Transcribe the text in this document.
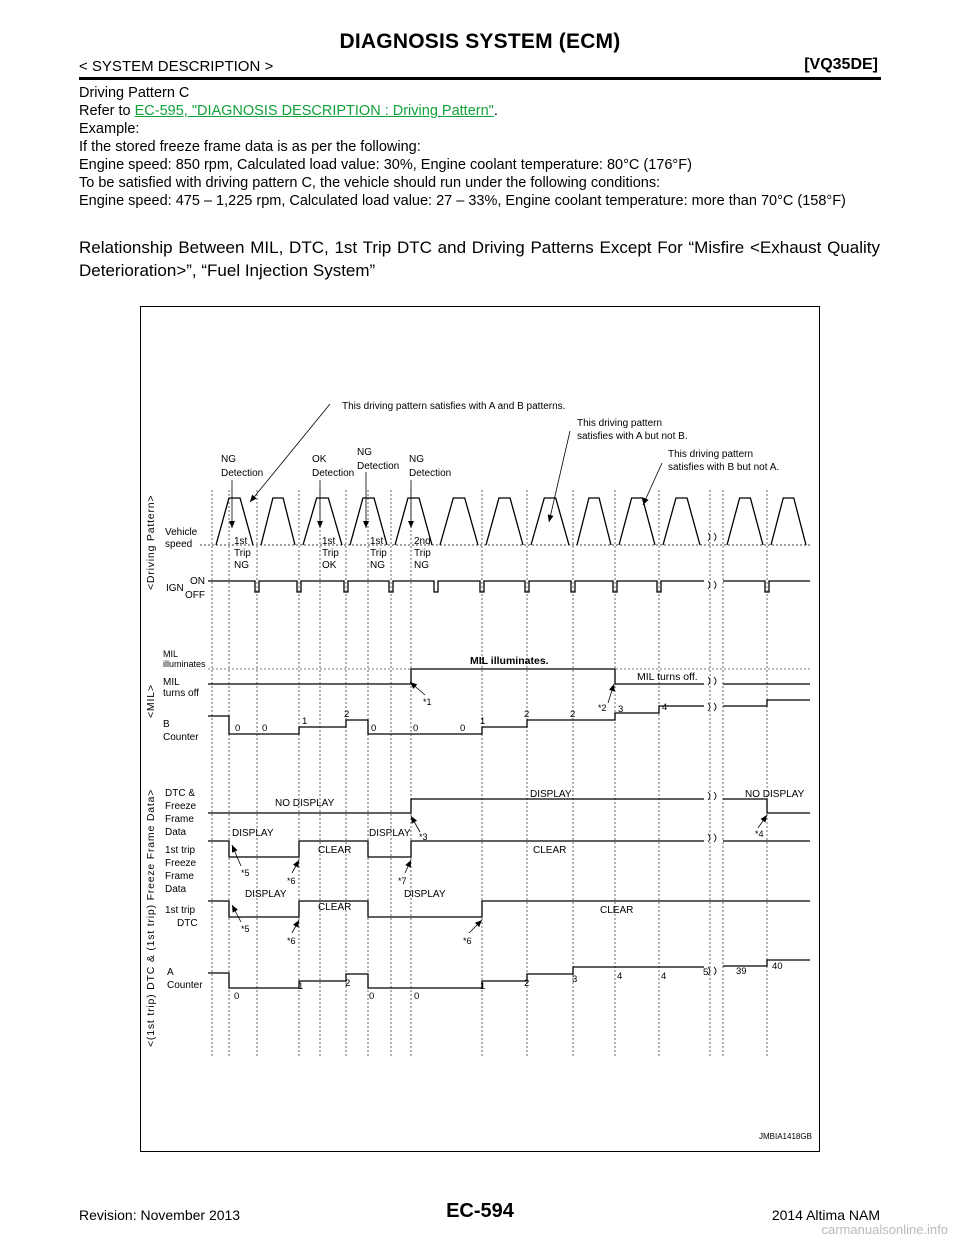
DIAGNOSIS SYSTEM (ECM)
< SYSTEM DESCRIPTION >	[VQ35DE]

Driving Pattern C

Refer to EC-595, "DIAGNOSIS DESCRIPTION : Driving Pattern".

Example:

If the stored freeze frame data is as per the following:

Engine speed: 850 rpm, Calculated load value: 30%, Engine coolant temperature: 80°C (176°F)

To be satisfied with driving pattern C, the vehicle should run under the following conditions:

Engine speed: 475 – 1,225 rpm, Calculated load value: 27 – 33%, Engine coolant temperature: more than 70°C (158°F)

Relationship Between MIL, DTC, 1st Trip DTC and Driving Patterns Except For “Misfire <Exhaust Quality Deterioration>”, “Fuel Injection System”
This driving pattern satisfies with A and B patterns.
This driving pattern
satisfies with A but not B.
This driving pattern
satisfies with B but not A.
NG
Detection
OK
Detection
NG
Detection
NG
Detection
<Driving Pattern>
<MIL>
<(1st trip) DTC & (1st trip) Freeze Frame Data>
Vehicle
speed
IGN
ON
OFF
1st
Trip
NG
1st
Trip
OK
1st
Trip
NG
2nd
Trip
NG
MIL
illuminates
MIL
turns off
MIL illuminates.
MIL turns off.
B
Counter
0 0
1
2
0	0	0
1
2	2	3	4
DTC &
Freeze
Frame
Data
NO DISPLAY
DISPLAY	NO DISPLAY
1st trip
Freeze
Frame
Data
DISPLAY
CLEAR
DISPLAY
CLEAR
1st trip
DTC
DISPLAY
CLEAR
DISPLAY
CLEAR
A
Counter
0
1	2
0	0
1	2	3	4	4	5	39	40
*1
*2
*3	*4
*5
*6	*7
*5
*6	*6
JMBIA1418GB
Revision: November 2013	EC-594	2014 Altima NAM
carmanualsonline.info
